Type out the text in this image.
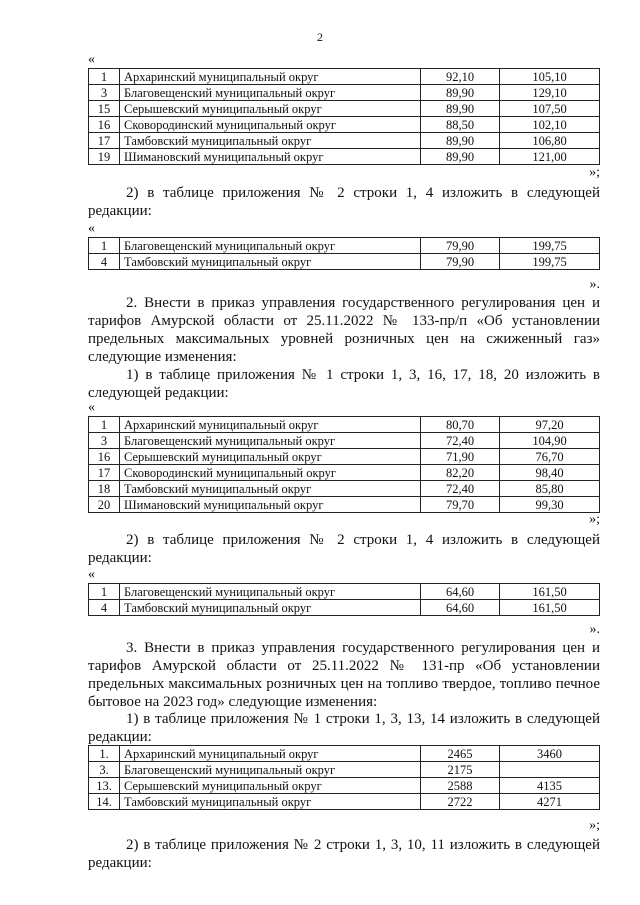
2
«
1	Архаринский муниципальный округ	92,10	105,10
3	Благовещенский муниципальный округ	89,90	129,10
15	Серышевский муниципальный округ	89,90	107,50
16	Сковородинский муниципальный округ	88,50	102,10
17	Тамбовский муниципальный округ	89,90	106,80
19	Шимановский муниципальный округ	89,90	121,00
»;
2) в таблице приложения № 2 строки 1, 4 изложить в следующей редакции:
«
1	Благовещенский муниципальный округ	79,90	199,75
4	Тамбовский муниципальный округ	79,90	199,75
».
2. Внести в приказ управления государственного регулирования цен и тарифов Амурской области от 25.11.2022 № 133-пр/п «Об установлении предельных максимальных уровней розничных цен на сжиженный газ» следующие изменения:
1) в таблице приложения № 1 строки 1, 3, 16, 17, 18, 20 изложить в следующей редакции:
«
1	Архаринский муниципальный округ	80,70	97,20
3	Благовещенский муниципальный округ	72,40	104,90
16	Серышевский муниципальный округ	71,90	76,70
17	Сковородинский муниципальный округ	82,20	98,40
18	Тамбовский муниципальный округ	72,40	85,80
20	Шимановский муниципальный округ	79,70	99,30
»;
2) в таблице приложения № 2 строки 1, 4 изложить в следующей редакции:
«
1	Благовещенский муниципальный округ	64,60	161,50
4	Тамбовский муниципальный округ	64,60	161,50
».
3. Внести в приказ управления государственного регулирования цен и тарифов Амурской области от 25.11.2022 № 131-пр «Об установлении предельных максимальных розничных цен на топливо твердое, топливо печное бытовое на 2023 год» следующие изменения:
1) в таблице приложения № 1 строки 1, 3, 13, 14 изложить в следующей редакции:
1.	Архаринский муниципальный округ	2465	3460
3.	Благовещенский муниципальный округ	2175	
13.	Серышевский муниципальный округ	2588	4135
14.	Тамбовский муниципальный округ	2722	4271
»;
2) в таблице приложения № 2 строки 1, 3, 10, 11 изложить в следующей редакции:
